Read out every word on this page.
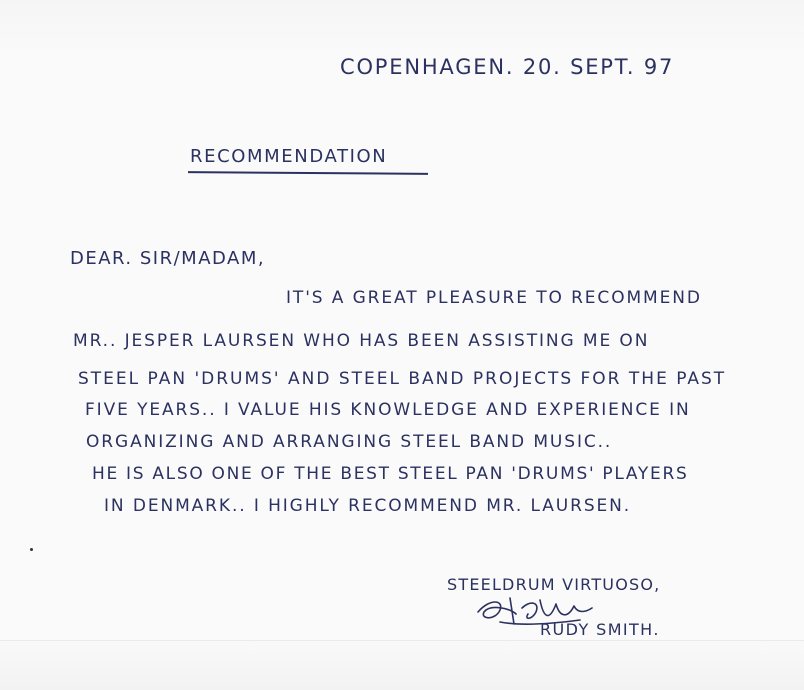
COPENHAGEN. 20. SEPT. 97
RECOMMENDATION
DEAR. SIR/MADAM,
IT'S A GREAT PLEASURE TO RECOMMEND
MR.. JESPER LAURSEN WHO HAS BEEN ASSISTING ME ON
STEEL PAN 'DRUMS' AND STEEL BAND PROJECTS FOR THE PAST
FIVE YEARS.. I VALUE HIS KNOWLEDGE AND EXPERIENCE IN
ORGANIZING AND ARRANGING STEEL BAND MUSIC..
HE IS ALSO ONE OF THE BEST STEEL PAN 'DRUMS' PLAYERS
IN DENMARK.. I HIGHLY RECOMMEND MR. LAURSEN.
STEELDRUM VIRTUOSO,
RUDY SMITH.
